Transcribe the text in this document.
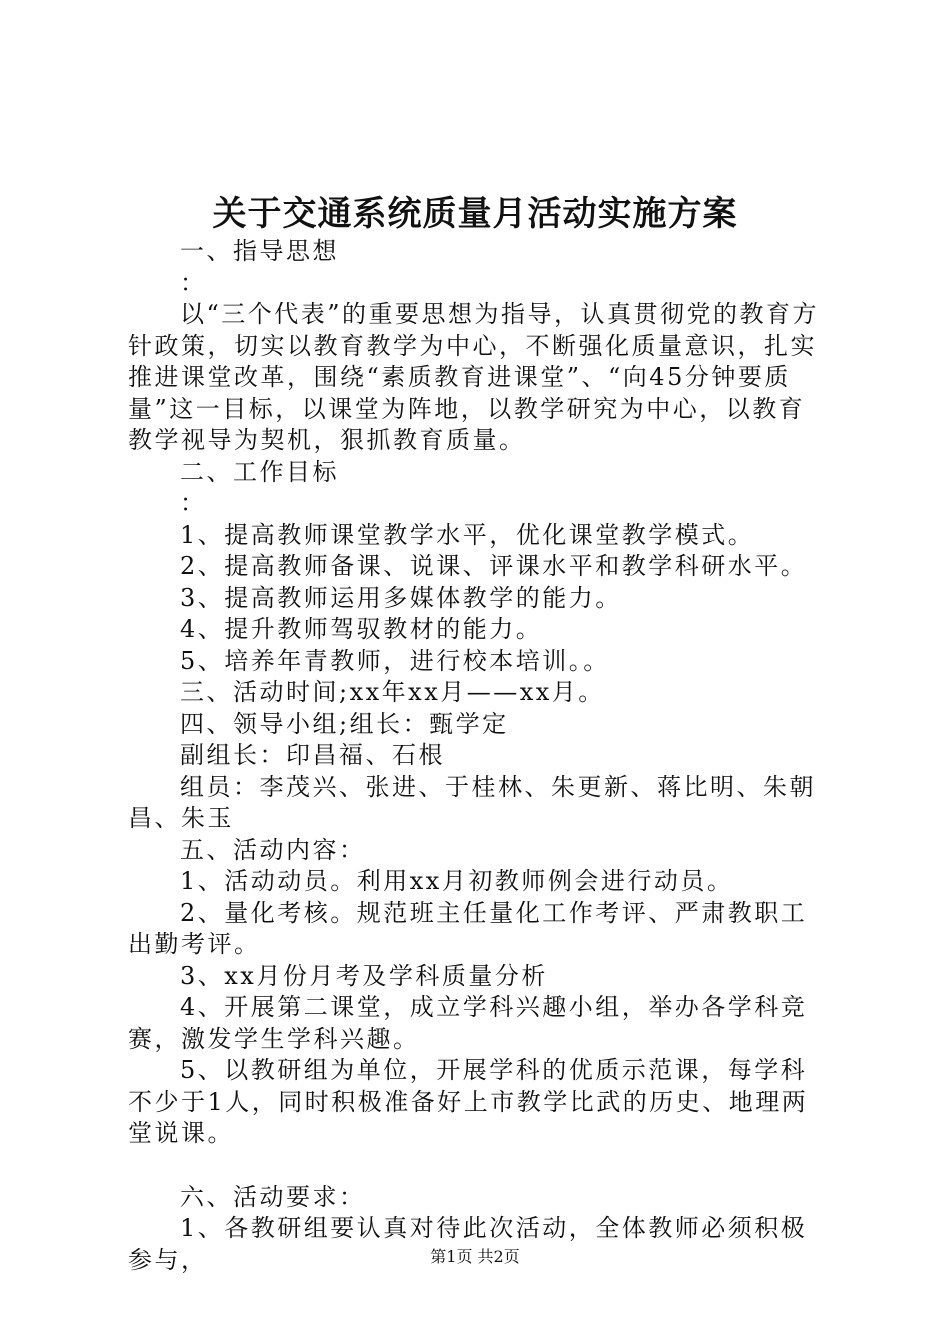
关于交通系统质量月活动实施方案

一、指导思想

：

以“三个代表”的重要思想为指导，认真贯彻党的教育方针政策，切实以教育教学为中心，不断强化质量意识，扎实推进课堂改革，围绕“素质教育进课堂”、“向45分钟要质量”这一目标，以课堂为阵地，以教学研究为中心，以教育教学视导为契机，狠抓教育质量。

二、工作目标

：

1、提高教师课堂教学水平，优化课堂教学模式。

2、提高教师备课、说课、评课水平和教学科研水平。

3、提高教师运用多媒体教学的能力。

4、提升教师驾驭教材的能力。

5、培养年青教师，进行校本培训。。

三、活动时间;xx年xx月——xx月。

四、领导小组;组长：甄学定

副组长：印昌福、石根

组员：李茂兴、张进、于桂林、朱更新、蒋比明、朱朝昌、朱玉

五、活动内容：

1、活动动员。利用xx月初教师例会进行动员。

2、量化考核。规范班主任量化工作考评、严肃教职工出勤考评。

3、xx月份月考及学科质量分析

4、开展第二课堂，成立学科兴趣小组，举办各学科竞赛，激发学生学科兴趣。

5、以教研组为单位，开展学科的优质示范课，每学科不少于1人，同时积极准备好上市教学比武的历史、地理两堂说课。

六、活动要求：

1、各教研组要认真对待此次活动，全体教师必须积极参与，	第1页 共2页
